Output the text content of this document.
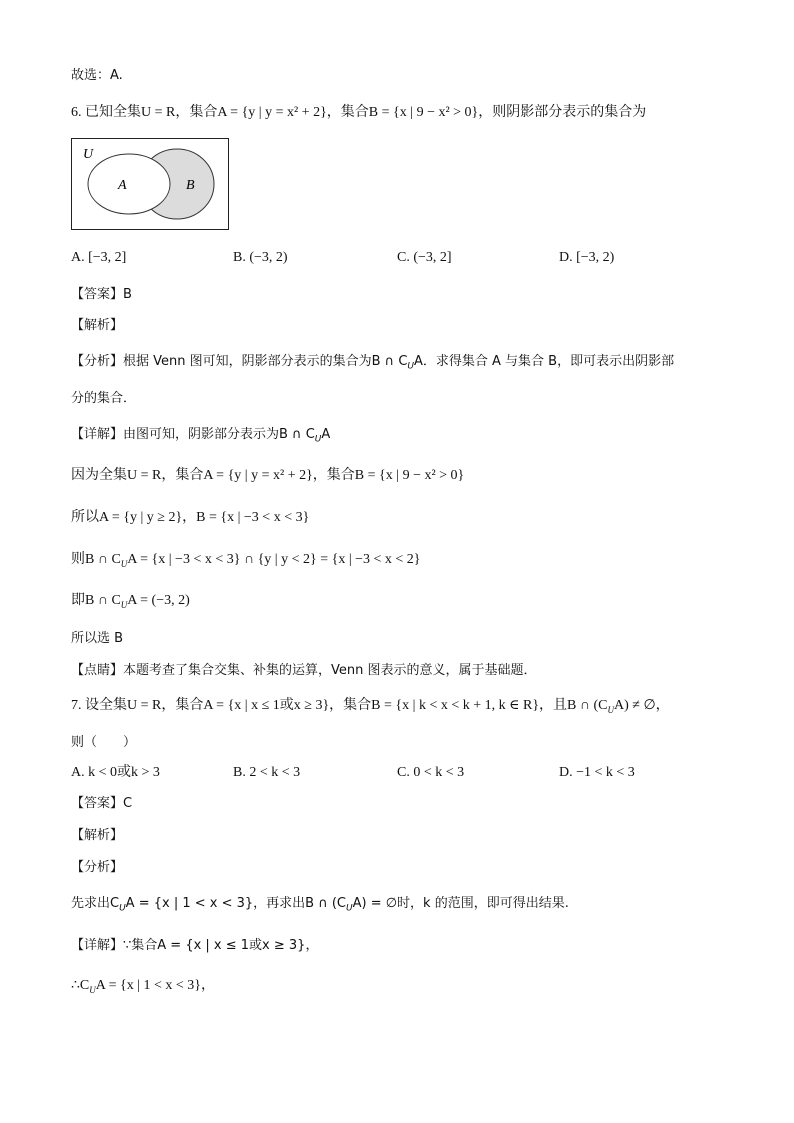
故选：A.
6. 已知全集U = R，集合A = {y | y = x² + 2}，集合B = {x | 9 − x² > 0}，则阴影部分表示的集合为
U
A	B
A. [−3, 2]	B. (−3, 2)	C. (−3, 2]	D. [−3, 2)
【答案】B
【解析】
【分析】根据 Venn 图可知，阴影部分表示的集合为B ∩ $C_UA$．求得集合 A 与集合 B，即可表示出阴影部
分的集合．
【详解】由图可知，阴影部分表示为B ∩ $C_UA$
因为全集U = R，集合A = {y | y = x² + 2}，集合B = {x | 9 − x² > 0}
所以A = {y | y ≥ 2}，B = {x | −3 < x < 3}
则B ∩ $C_UA = \{x$ | −3 < x < 3} ∩ {y | y < 2} = {x | −3 < x < 2}
即B ∩ $C_UA = (-3$, 2)
所以选 B
【点睛】本题考查了集合交集、补集的运算，Venn 图表示的意义，属于基础题．
7. 设全集U = R，集合A = {x | x ≤ 1或x ≥ 3}，集合B = {x | k < x < k + 1, k ∈ R}，且B ∩ $(C_UA)$ ≠ ∅，
则（　　）
A. k < 0或k > 3	B. 2 < k < 3	C. 0 < k < 3	D. −1 < k < 3
【答案】C
【解析】
【分析】
先求出$C_UA = \{x$ | 1 < x < 3}，再求出B ∩ $(C_UA)$ = ∅时，k 的范围，即可得出结果.
【详解】∵集合A = {x | x ≤ 1或x ≥ 3}，
$\therefore C_UA = \{x$ | 1 < x < 3}，
